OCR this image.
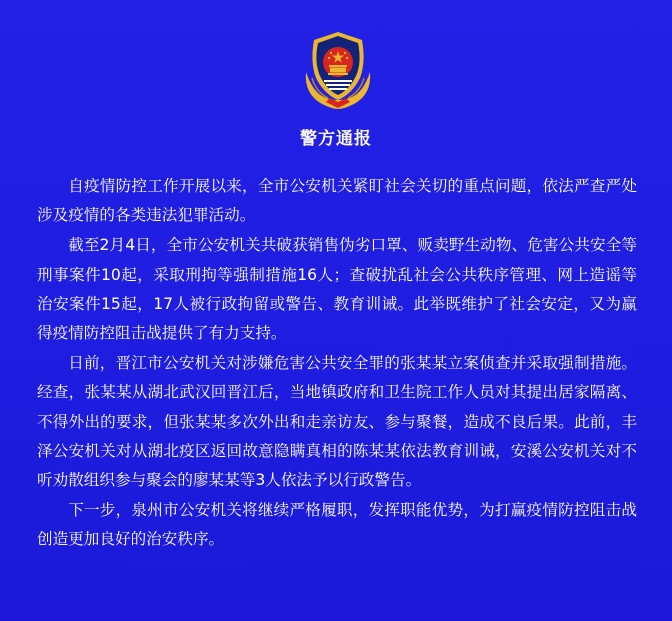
警方通报

自疫情防控工作开展以来，全市公安机关紧盯社会关切的重点问题，依法严查严处涉及疫情的各类违法犯罪活动。

截至2月4日，全市公安机关共破获销售伪劣口罩、贩卖野生动物、危害公共安全等刑事案件10起，采取刑拘等强制措施16人；查破扰乱社会公共秩序管理、网上造谣等治安案件15起，17人被行政拘留或警告、教育训诫。此举既维护了社会安定，又为赢得疫情防控阻击战提供了有力支持。

日前，晋江市公安机关对涉嫌危害公共安全罪的张某某立案侦查并采取强制措施。经查，张某某从湖北武汉回晋江后，当地镇政府和卫生院工作人员对其提出居家隔离、不得外出的要求，但张某某多次外出和走亲访友、参与聚餐，造成不良后果。此前，丰泽公安机关对从湖北疫区返回故意隐瞒真相的陈某某依法教育训诫，安溪公安机关对不听劝散组织参与聚会的廖某某等3人依法予以行政警告。

下一步，泉州市公安机关将继续严格履职，发挥职能优势，为打赢疫情防控阻击战创造更加良好的治安秩序。
